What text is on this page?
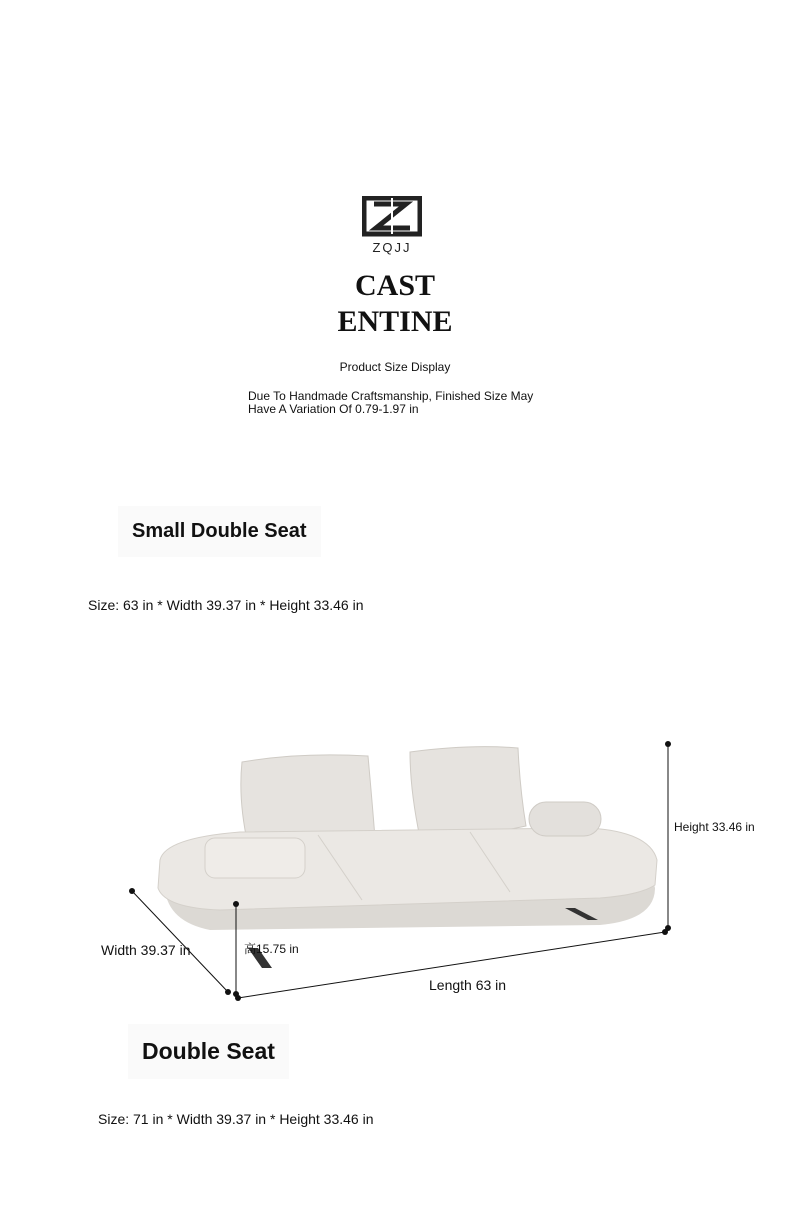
ZQJJ
CAST
ENTINE
Product Size Display
Due To Handmade Craftsmanship, Finished Size May
Have A Variation Of 0.79-1.97 in
Small Double Seat
Size: 63 in * Width 39.37 in * Height 33.46 in
Height 33.46 in
Width 39.37 in
Length 63 in
高15.75 in
Double Seat
Size: 71 in * Width 39.37 in * Height 33.46 in
